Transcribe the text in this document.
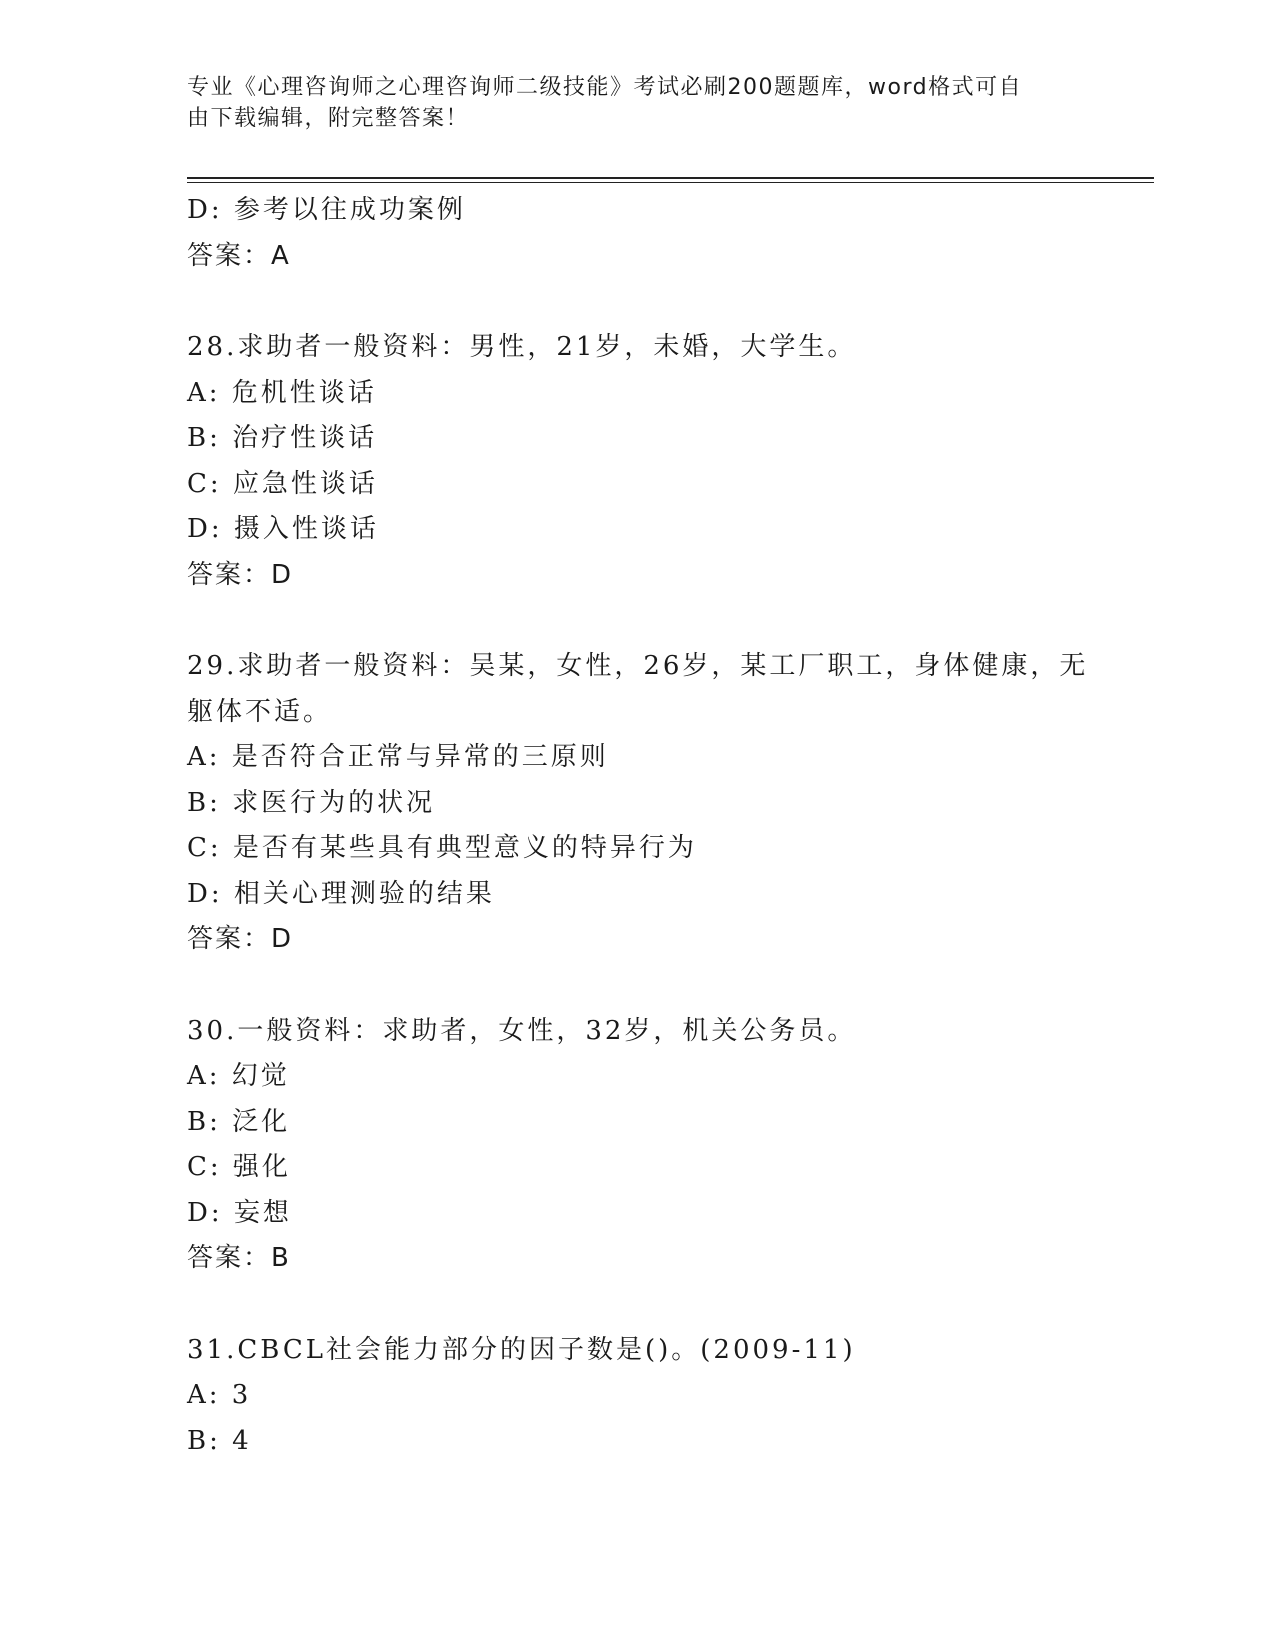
专业《心理咨询师之心理咨询师二级技能》考试必刷200题题库，word格式可自
由下载编辑，附完整答案！
D: 参考以往成功案例
答案：A
28.求助者一般资料：男性，21岁，未婚，大学生。
A: 危机性谈话
B: 治疗性谈话
C: 应急性谈话
D: 摄入性谈话
答案：D
29.求助者一般资料：吴某，女性，26岁，某工厂职工，身体健康，无
躯体不适。
A: 是否符合正常与异常的三原则
B: 求医行为的状况
C: 是否有某些具有典型意义的特异行为
D: 相关心理测验的结果
答案：D
30.一般资料：求助者，女性，32岁，机关公务员。
A: 幻觉
B: 泛化
C: 强化
D: 妄想
答案：B
31.CBCL社会能力部分的因子数是()。(2009-11)
A: 3
B: 4
